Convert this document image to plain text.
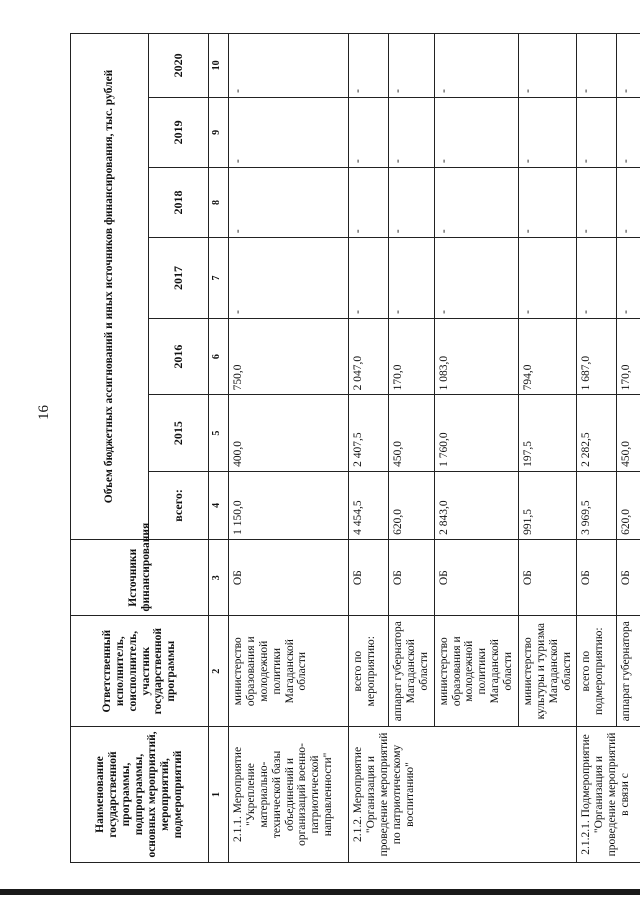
16
Наименование государственной программы, подпрограммы, основных мероприятий, мероприятий, подмероприятий	Ответственный исполнитель, соисполнитель, участник государственной программы	Источники финансирования	Объем бюджетных ассигнований и иных источников финансирования, тыс. рублей						
			всего:	2015	2016	2017	2018	2019	2020
1	2	3	4	5	6	7	8	9	10
2.1.1. Мероприятие "Укрепление материально-технической базы объединений и организаций военно-патриотической направленности"	министерство образования и молодежной политики Магаданской области	ОБ	1 150,0	400,0	750,0	-	-	-	-
2.1.2. Мероприятие "Организация и проведение мероприятий по патриотическому воспитанию"	всего по мероприятию:	ОБ	4 454,5	2 407,5	2 047,0	-	-	-	-
	аппарат губернатора Магаданской области	ОБ	620,0	450,0	170,0	-	-	-	-
	министерство образования и молодежной политики Магаданской области	ОБ	2 843,0	1 760,0	1 083,0	-	-	-	-
	министерство культуры и туризма Магаданской области	ОБ	991,5	197,5	794,0	-	-	-	-
2.1.2.1. Подмероприятие "Организация и проведение мероприятий в связи с	всего по подмероприятию:	ОБ	3 969,5	2 282,5	1 687,0	-	-	-	-
	аппарат губернатора	ОБ	620,0	450,0	170,0	-	-	-	-
